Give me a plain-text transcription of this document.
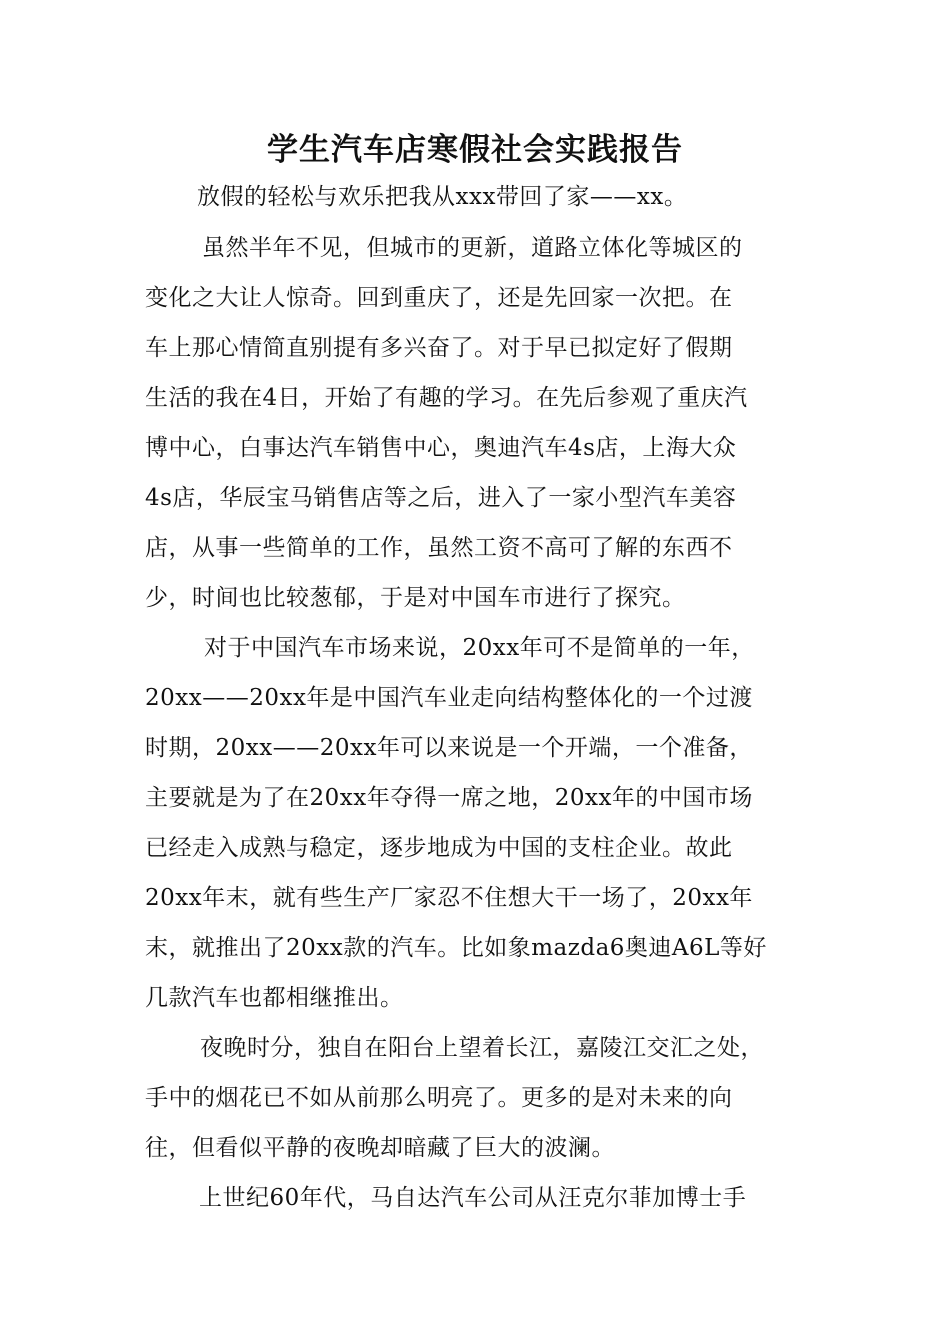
学生汽车店寒假社会实践报告
放假的轻松与欢乐把我从xxx带回了家——xx。
虽然半年不见，但城市的更新，道路立体化等城区的
变化之大让人惊奇。回到重庆了，还是先回家一次把。在
车上那心情简直别提有多兴奋了。对于早已拟定好了假期
生活的我在4日，开始了有趣的学习。在先后参观了重庆汽
博中心，白事达汽车销售中心，奥迪汽车4s店，上海大众
4s店，华辰宝马销售店等之后，进入了一家小型汽车美容
店，从事一些简单的工作，虽然工资不高可了解的东西不
少，时间也比较葱郁，于是对中国车市进行了探究。
对于中国汽车市场来说，20xx年可不是简单的一年，
20xx——20xx年是中国汽车业走向结构整体化的一个过渡
时期，20xx——20xx年可以来说是一个开端，一个准备，
主要就是为了在20xx年夺得一席之地，20xx年的中国市场
已经走入成熟与稳定，逐步地成为中国的支柱企业。故此
20xx年末，就有些生产厂家忍不住想大干一场了，20xx年
末，就推出了20xx款的汽车。比如象mazda6奥迪A6L等好
几款汽车也都相继推出。
夜晚时分，独自在阳台上望着长江，嘉陵江交汇之处，
手中的烟花已不如从前那么明亮了。更多的是对未来的向
往，但看似平静的夜晚却暗藏了巨大的波澜。
上世纪60年代，马自达汽车公司从汪克尔菲加博士手
